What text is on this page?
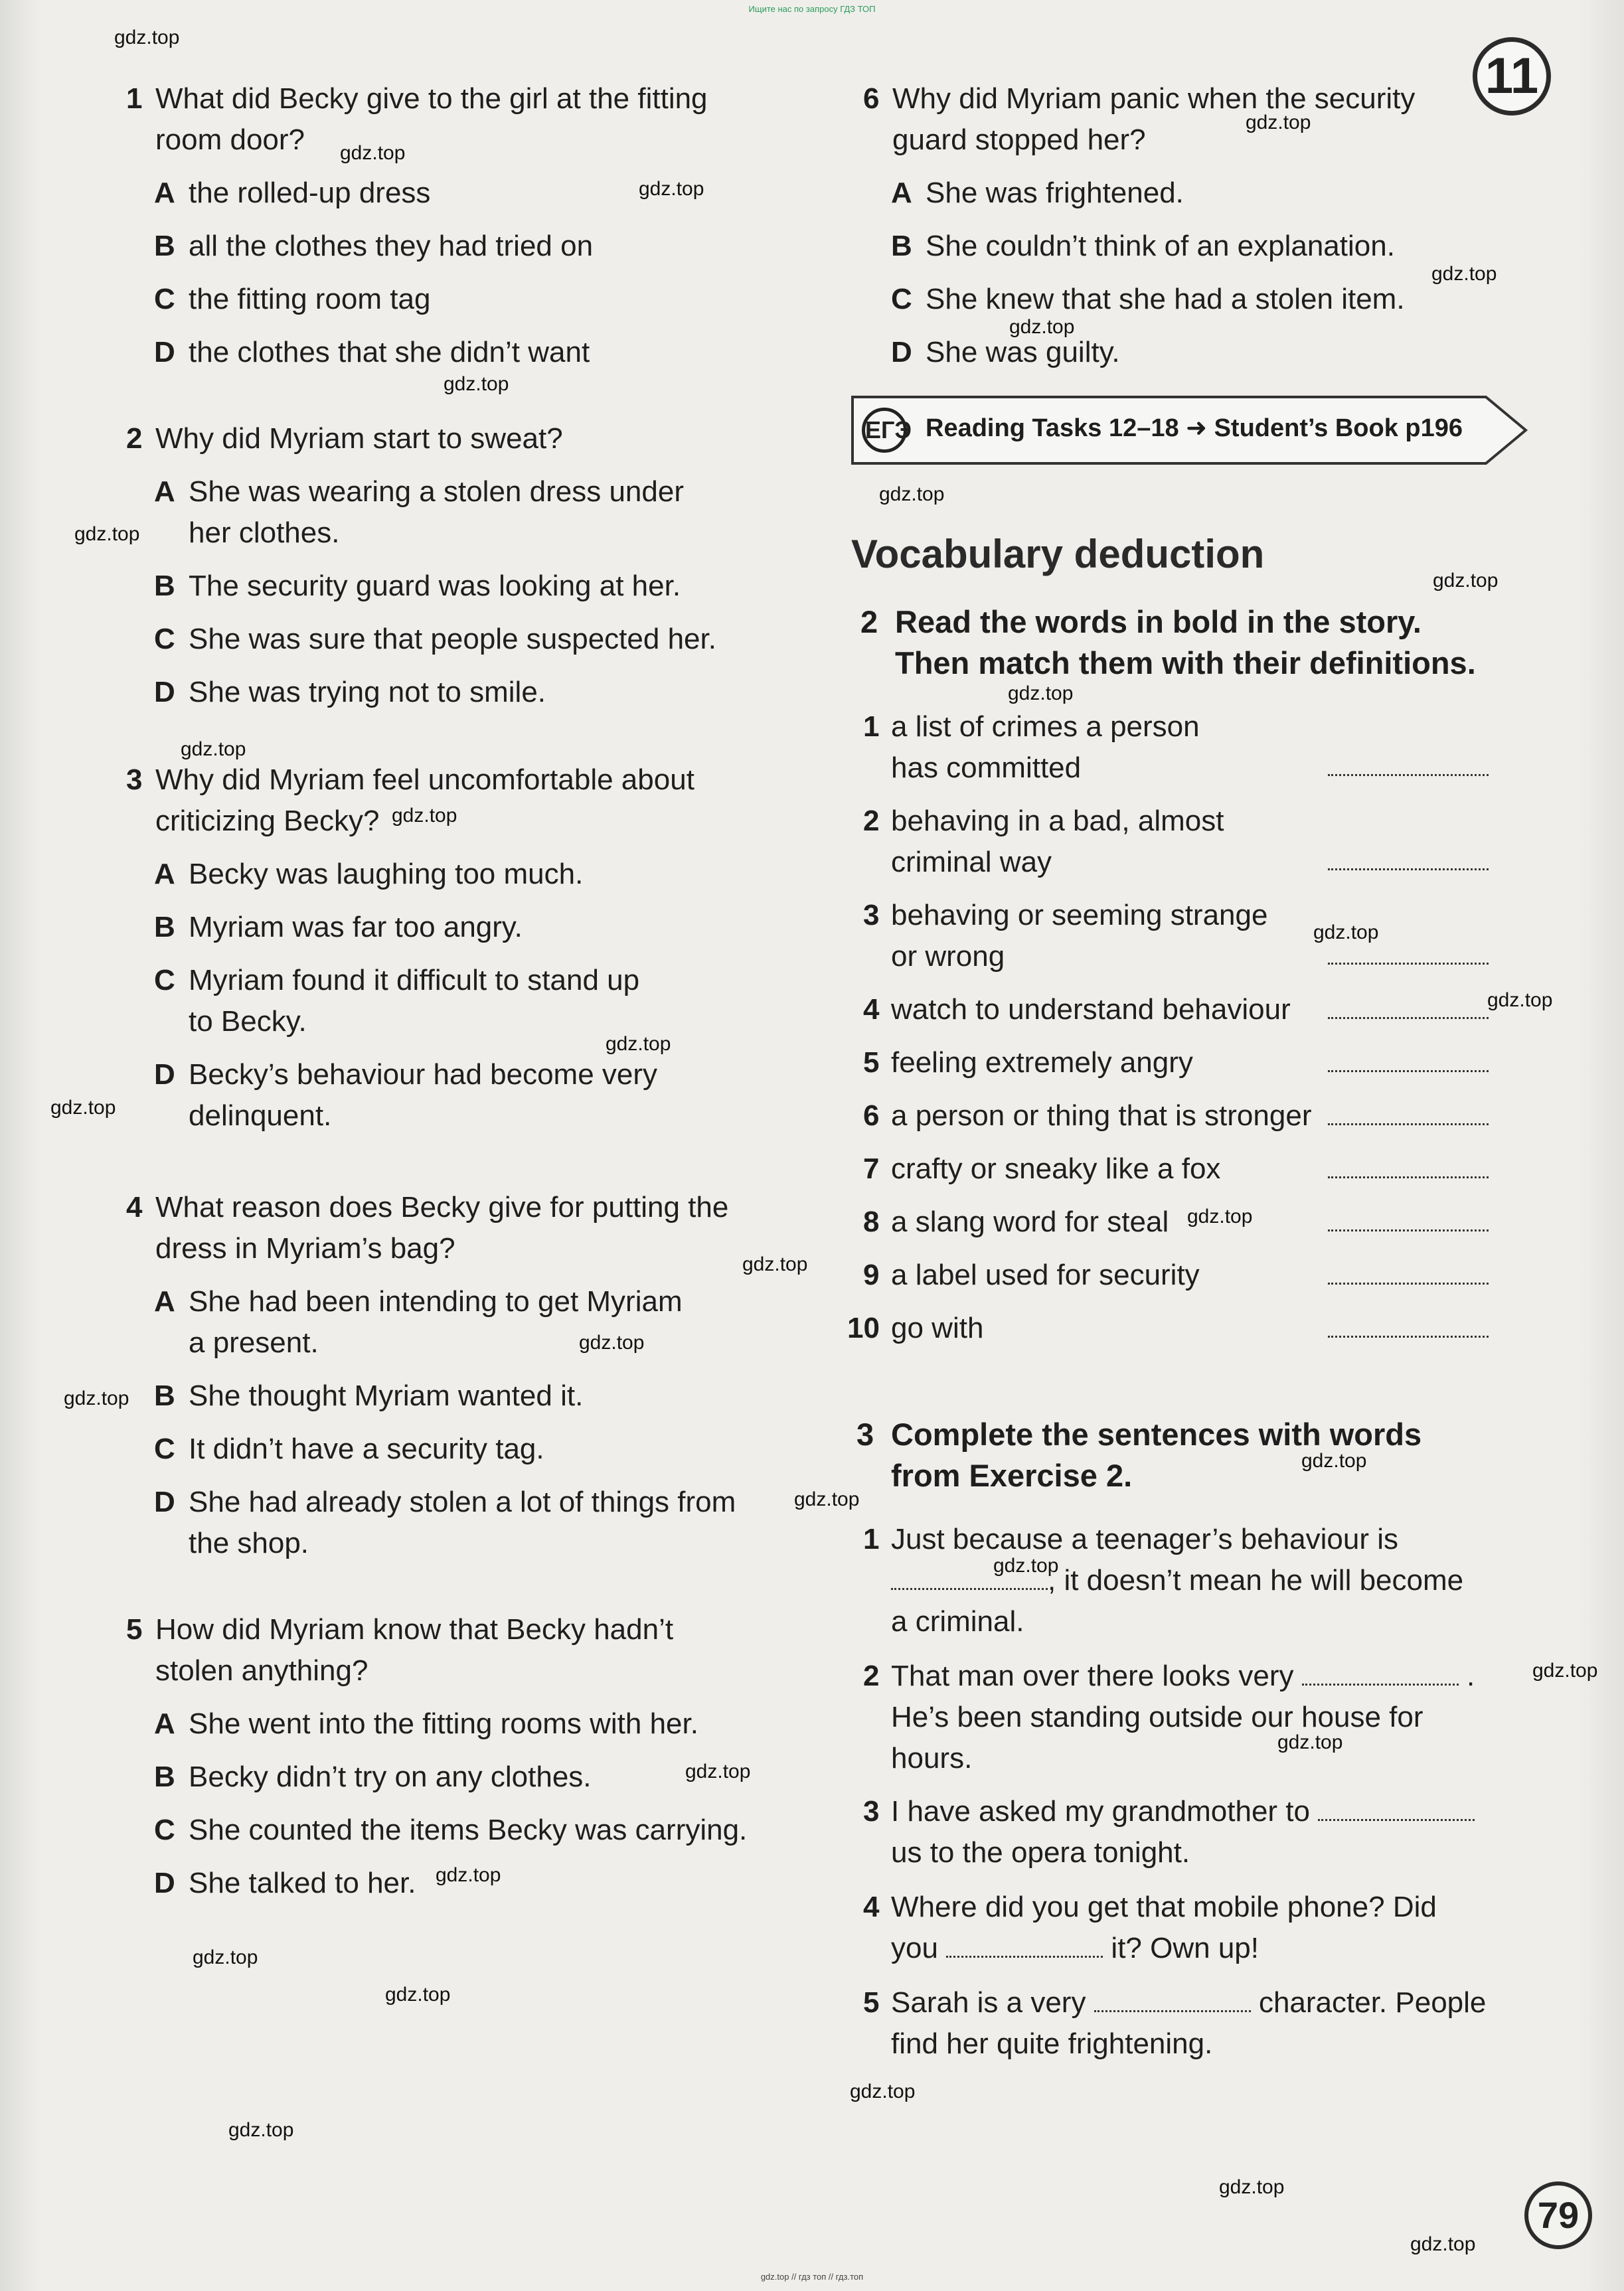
Ищите нас по запросу ГДЗ ТОП
11
1 What did Becky give to the girl at the fitting
room door?
A the rolled-up dress
B all the clothes they had tried on
C the fitting room tag
D the clothes that she didn’t want
2 Why did Myriam start to sweat?
A She was wearing a stolen dress under
her clothes.
B The security guard was looking at her.
C She was sure that people suspected her.
D She was trying not to smile.
3 Why did Myriam feel uncomfortable about
criticizing Becky?
A Becky was laughing too much.
B Myriam was far too angry.
C Myriam found it difficult to stand up
to Becky.
D Becky’s behaviour had become very
delinquent.
4 What reason does Becky give for putting the
dress in Myriam’s bag?
A She had been intending to get Myriam
a present.
B She thought Myriam wanted it.
C It didn’t have a security tag.
D She had already stolen a lot of things from
the shop.
5 How did Myriam know that Becky hadn’t
stolen anything?
A She went into the fitting rooms with her.
B Becky didn’t try on any clothes.
C She counted the items Becky was carrying.
D She talked to her.
6 Why did Myriam panic when the security
guard stopped her?
A She was frightened.
B She couldn’t think of an explanation.
C She knew that she had a stolen item.
D She was guilty.
ЕГЭ Reading Tasks 12–18 ➜ Student’s Book p196
Vocabulary deduction
2 Read the words in bold in the story.
Then match them with their definitions.
1 a list of crimes a person
has committed
2 behaving in a bad, almost
criminal way
3 behaving or seeming strange
or wrong
4 watch to understand behaviour
5 feeling extremely angry
6 a person or thing that is stronger
7 crafty or sneaky like a fox
8 a slang word for steal
9 a label used for security
10 go with
3 Complete the sentences with words
from Exercise 2.
1 Just because a teenager’s behaviour is
, it doesn’t mean he will become
a criminal.
2 That man over there looks very	.
He’s been standing outside our house for
hours.
3 I have asked my grandmother to
us to the opera tonight.
4 Where did you get that mobile phone? Did
you	it? Own up!
5 Sarah is a very	character. People
find her quite frightening.
79
gdz.top
gdz.top
gdz.top
gdz.top
gdz.top
gdz.top
gdz.top
gdz.top
gdz.top
gdz.top
gdz.top
gdz.top
gdz.top
gdz.top
gdz.top
gdz.top
gdz.top
gdz.top
gdz.top
gdz.top
gdz.top
gdz.top
gdz.top
gdz.top
gdz.top
gdz.top
gdz.top
gdz.top
gdz.top
gdz.top
gdz.top
gdz.top
gdz.top
gdz.top
gdz.top // гдз топ // гдз.топ
